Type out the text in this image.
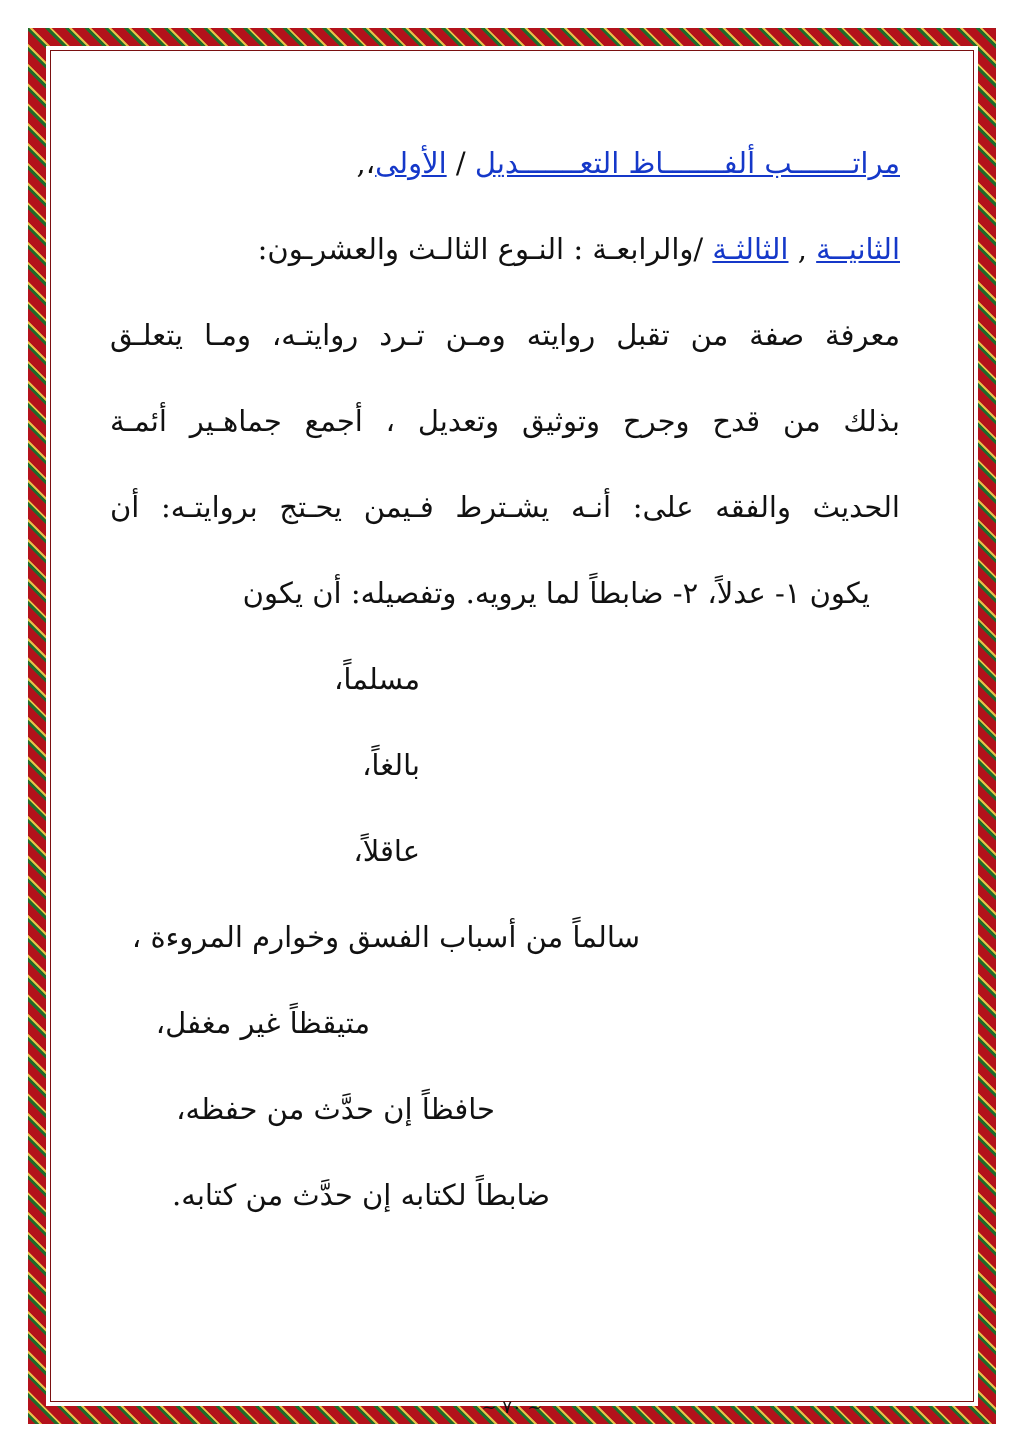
مراتـــــــب ألفـــــــاظ التعـــــــديل / الأولى،,
الثانيــة , الثالثـة /والرابعـة : النـوع الثالـث والعشرـون:
معرفة صفة من تقبل روايته ومـن تـرد روايتـه، ومـا يتعلـق
بذلك من قدح وجرح وتوثيق وتعديل ، أجمع جماهـير أئمـة
الحديث والفقه على: أنـه يشـترط فـيمن يحـتج بروايتـه: أن
يكون ١- عدلاً، ٢- ضابطاً لما يرويه. وتفصيله: أن يكون
مسلماً،
بالغاً،
عاقلاً،
سالماً من أسباب الفسق وخوارم المروءة ،
متيقظاً غير مغفل،
حافظاً إن حدَّث من حفظه،
ضابطاً لكتابه إن حدَّث من كتابه.
~ ٧٠ ~
